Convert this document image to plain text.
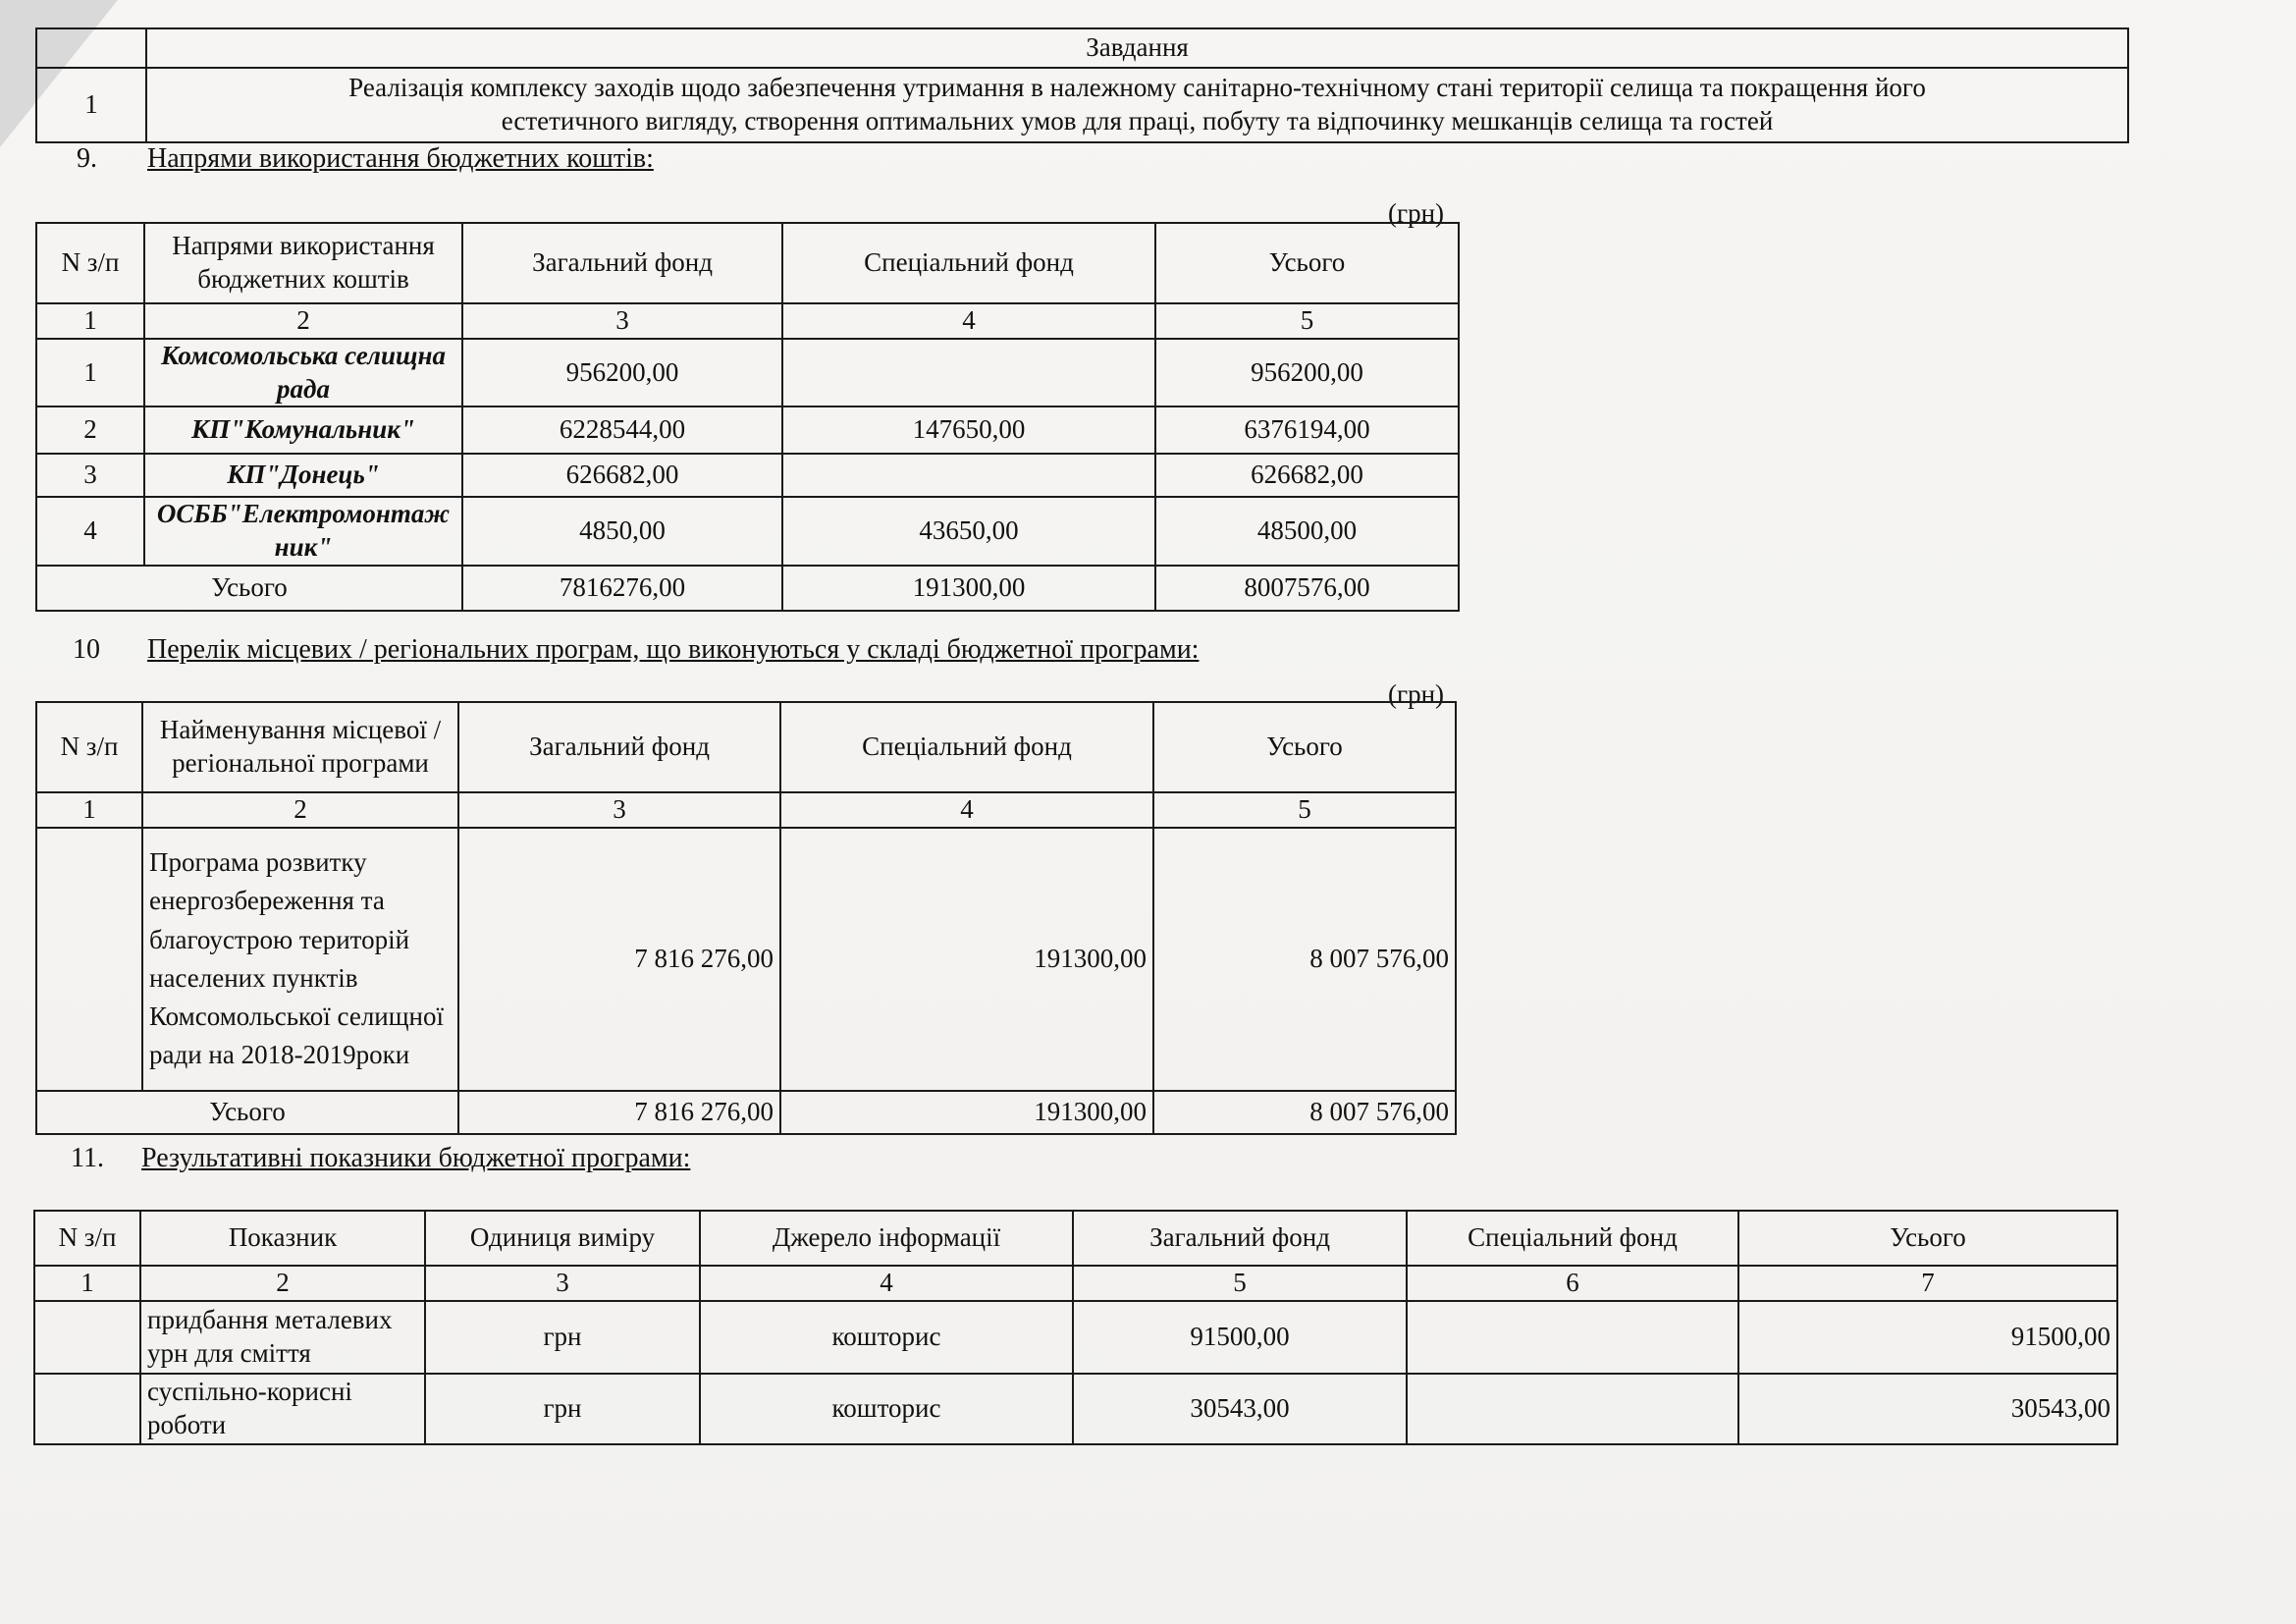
	Завдання
1	Реалізація комплексу заходів щодо забезпечення утримання в належному санітарно-технічному стані території селища та покращення його
естетичного вигляду, створення оптимальних умов для праці, побуту та відпочинку мешканців селища та гостей
9. Напрями використання бюджетних коштів:
(грн)
N з/п	Напрями використання бюджетних коштів	Загальний фонд	Спеціальний фонд	Усього
1	2	3	4	5
1	Комсомольська селищна рада	956200,00		956200,00
2	КП"Комунальник"	6228544,00	147650,00	6376194,00
3	КП"Донець"	626682,00		626682,00
4	ОСББ"Електромонтажник"	4850,00	43650,00	48500,00
Усього		7816276,00	191300,00	8007576,00
10 Перелік місцевих / регіональних програм, що виконуються у складі бюджетної програми:
(грн)
N з/п	Найменування місцевої / регіональної програми	Загальний фонд	Спеціальний фонд	Усього
1	2	3	4	5
	Програма розвитку енергозбереження та благоустрою територій населених пунктів Комсомольської селищної ради на 2018-2019роки	7 816 276,00	191300,00	8 007 576,00
Усього		7 816 276,00	191300,00	8 007 576,00
11. Результативні показники бюджетної програми:
N з/п	Показник	Одиниця виміру	Джерело інформації	Загальний фонд	Спеціальний фонд	Усього
1	2	3	4	5	6	7
	придбання металевих урн для сміття	грн	кошторис	91500,00		91500,00
	суспільно-корисні роботи	грн	кошторис	30543,00		30543,00
